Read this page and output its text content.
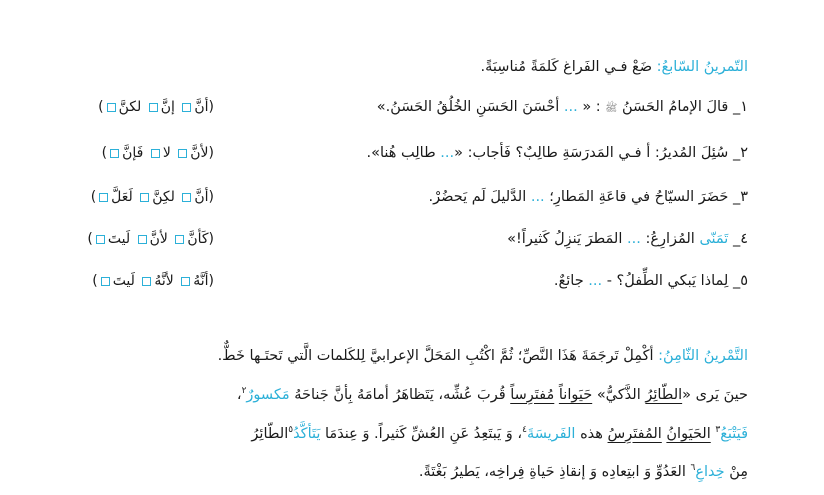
التّمرينُ السّابعُ: ضَعْ فـي الفَراغ كَلمَةً مُناسِبَةً.
١_ قالَ الإمامُ الحَسَنُ ﷺ : « ... أحْسَنَ الحَسَنِ الخُلُقُ الحَسَنُ.»
(أنَّ إنَّ لكنَّ)
٢_ سُئِلَ المُديرُ: أ فـي المَدرَسَةِ طالِبٌ؟ فَأجاب: «... طالِب هُنا».
(لأنَّ لا فَإنَّ)
٣_ حَضَرَ السيّاحُ في قاعَةِ المَطارِ؛ ... الدَّليلَ لَم يَحضُرْ.
(أنَّ لكِنَّ لَعَلَّ)
٤_ تَمَنّى المُزارِعُ: ... المَطرَ يَنزِلُ كَثيراً!»
(كَأنَّ لأنَّ لَيتَ)
٥_ لِماذا يَبكي الطِّفلُ؟ - ... جائعٌ.
(أنَّهُ لأنَّهُ لَيتَ)
التَّمْرينُ الثّامِنُ: أكْمِلْ تَرجَمَةَ هَذَا النَّصِّ؛ ثُمَّ اكْتُبِ المَحَلَّ الإعرابيَّ لِلكَلمات الَّتي تَحتَـها خَطٌّ.
حينَ يَرى «الطّائِرُ الذَّكيُّ» حَيَواناً مُفتَرِساً قُربَ عُشِّه، يَتَظاهَرُ أمامَهُ بِأنَّ جَناحَهُ مَكسورٌ$^٢$،
فَيَتْبَعُ$^٣$ الحَيَوانُ المُفتَرِسُ هذه الفَريسَةَ$^٤$، وَ يَبتَعِدُ عَنِ العُشِّ كَثيراً. وَ عِندَمَا يَتَأكَّدُ$^٥$الطّائِرُ
مِنْ خِداعِ$^٦$ العَدُوِّ وَ ابتِعادِه وَ إنقاذِ حَياةِ فِراخِه، يَطيرُ بَغْتَةً.
